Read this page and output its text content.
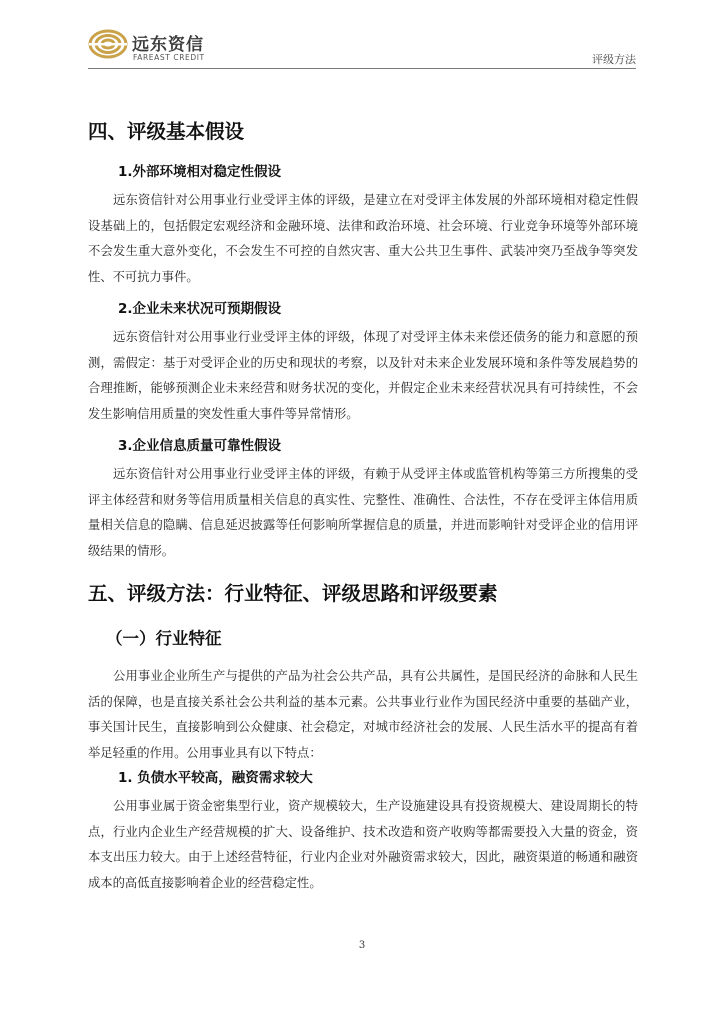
远东资信
FAREAST CREDIT	评级方法
四、评级基本假设
1.外部环境相对稳定性假设

远东资信针对公用事业行业受评主体的评级，是建立在对受评主体发展的外部环境相对稳定性假设基础上的，包括假定宏观经济和金融环境、法律和政治环境、社会环境、行业竞争环境等外部环境不会发生重大意外变化，不会发生不可控的自然灾害、重大公共卫生事件、武装冲突乃至战争等突发性、不可抗力事件。

2.企业未来状况可预期假设

远东资信针对公用事业行业受评主体的评级，体现了对受评主体未来偿还债务的能力和意愿的预测，需假定：基于对受评企业的历史和现状的考察，以及针对未来企业发展环境和条件等发展趋势的合理推断，能够预测企业未来经营和财务状况的变化，并假定企业未来经营状况具有可持续性，不会发生影响信用质量的突发性重大事件等异常情形。

3.企业信息质量可靠性假设

远东资信针对公用事业行业受评主体的评级，有赖于从受评主体或监管机构等第三方所搜集的受评主体经营和财务等信用质量相关信息的真实性、完整性、准确性、合法性，不存在受评主体信用质量相关信息的隐瞒、信息延迟披露等任何影响所掌握信息的质量，并进而影响针对受评企业的信用评级结果的情形。

五、评级方法：行业特征、评级思路和评级要素
（一）行业特征

公用事业企业所生产与提供的产品为社会公共产品，具有公共属性，是国民经济的命脉和人民生活的保障，也是直接关系社会公共利益的基本元素。公共事业行业作为国民经济中重要的基础产业，事关国计民生，直接影响到公众健康、社会稳定，对城市经济社会的发展、人民生活水平的提高有着举足轻重的作用。公用事业具有以下特点：

1. 负债水平较高，融资需求较大

公用事业属于资金密集型行业，资产规模较大，生产设施建设具有投资规模大、建设周期长的特点，行业内企业生产经营规模的扩大、设备维护、技术改造和资产收购等都需要投入大量的资金，资本支出压力较大。由于上述经营特征，行业内企业对外融资需求较大，因此，融资渠道的畅通和融资成本的高低直接影响着企业的经营稳定性。

3
